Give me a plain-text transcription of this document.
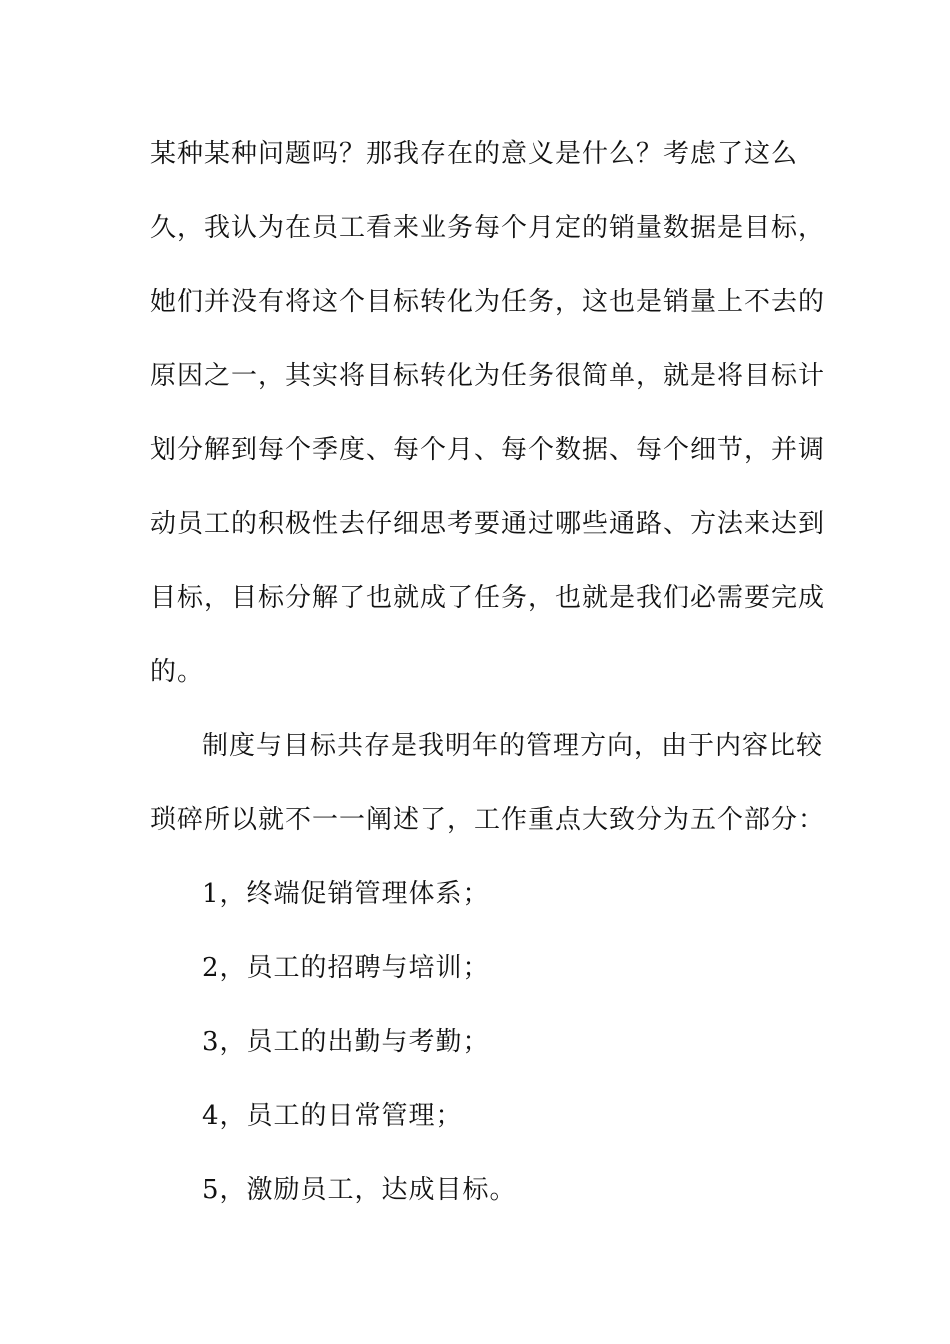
某种某种问题吗？那我存在的意义是什么？考虑了这么
久，我认为在员工看来业务每个月定的销量数据是目标，
她们并没有将这个目标转化为任务，这也是销量上不去的
原因之一，其实将目标转化为任务很简单，就是将目标计
划分解到每个季度、每个月、每个数据、每个细节，并调
动员工的积极性去仔细思考要通过哪些通路、方法来达到
目标，目标分解了也就成了任务，也就是我们必需要完成
的。
制度与目标共存是我明年的管理方向，由于内容比较
琐碎所以就不一一阐述了，工作重点大致分为五个部分：
1，终端促销管理体系；
2，员工的招聘与培训；
3，员工的出勤与考勤；
4，员工的日常管理；
5，激励员工，达成目标。
